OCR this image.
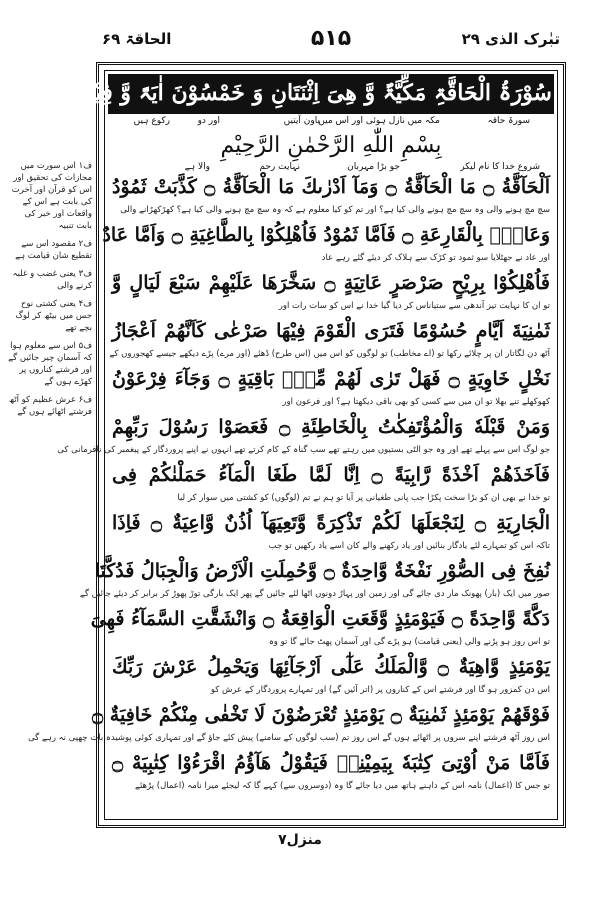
الحاقۃ ۶۹	۵۱۵	تبٰرک الذی ۲۹
سُوْرَۃُ الْحَاقَّۃِ مَکِّیَّۃٌ وَّ ھِیَ اِثْنَتَانِ وَ خَمْسُوْنَ اٰیَۃً وَّ فِیْھَا رُکُوْعَانِ
سورۃ حاقہ
مکہ میں نازل ہوئی اور اس میں
باون آیتیں
اور دو
رکوع ہیں
بِسْمِ اللّٰهِ الرَّحْمٰنِ الرَّحِيْمِ
شروع خدا کا نام لیکر
جو بڑا مہربان
نہایت رحم
والا ہے
اَلْحَآقَّةُ ۝ مَا الْحَآقَّةُ ۝ وَمَآ اَدْرٰىكَ مَا الْحَآقَّةُ ۝ كَذَّبَتْ ثَمُوْدُ
سچ مچ ہونے والی وہ سچ مچ ہونے والی کیا ہے؟ اور تم کو کیا معلوم ہے کہ وہ سچ مچ ہونے والی کیا ہے؟ کھڑکھڑانے والی
وَعَادٌۢ بِالْقَارِعَةِ ۝ فَاَمَّا ثَمُوْدُ فَاُهْلِكُوْا بِالطَّاغِيَةِ ۝ وَاَمَّا عَادٌ
اور عاد نے جھٹلایا سو ثمود تو کڑک سے ہلاک کر دیئے گئے رہے عاد
فَاُهْلِكُوْا بِرِيْحٍ صَرْصَرٍ عَاتِيَةٍ ۝ سَخَّرَهَا عَلَيْهِمْ سَبْعَ لَيَالٍ وَّ
تو ان کا نہایت تیز آندھی سے ستیاناس کر دیا گیا خدا نے اس کو سات رات اور
ثَمٰنِيَةَ اَيَّامٍ حُسُوْمًا فَتَرَى الْقَوْمَ فِيْهَا صَرْعٰى كَاَنَّهُمْ اَعْجَازُ
آٹھ دن لگاتار ان پر چلائے رکھا تو (اے مخاطب) تو لوگوں کو اس میں (اس طرح) ڈھئے (اور مرے) پڑے دیکھے جیسے کھجوروں کے
نَخْلٍ خَاوِيَةٍ ۝ فَهَلْ تَرٰى لَهُمْ مِّنْۢ بَاقِيَةٍ ۝ وَجَآءَ فِرْعَوْنُ
کھوکھلے تنے بھلا تو ان میں سے کسی کو بھی باقی دیکھتا ہے؟ اور فرعون اور
وَمَنْ قَبْلَهٗ وَالْمُؤْتَفِكٰتُ بِالْخَاطِئَةِ ۝ فَعَصَوْا رَسُوْلَ رَبِّهِمْ
جو لوگ اس سے پہلے تھے اور وہ جو الٹی بستیوں میں رہتے تھے سب گناہ کے کام کرتے تھے انہوں نے اپنے پروردگار کے پیغمبر کی نافرمانی کی
فَاَخَذَهُمْ اَخْذَةً رَّابِيَةً ۝ اِنَّا لَمَّا طَغَا الْمَآءُ حَمَلْنٰكُمْ فِى
تو خدا نے بھی ان کو بڑا سخت پکڑا جب پانی طغیانی پر آیا تو ہم نے تم (لوگوں) کو کشتی میں سوار کر لیا
الْجَارِيَةِ ۝ لِنَجْعَلَهَا لَكُمْ تَذْكِرَةً وَّتَعِيَهَآ اُذُنٌ وَّاعِيَةٌ ۝ فَاِذَا
تاکہ اس کو تمہارے لئے یادگار بنائیں اور یاد رکھنے والے کان اسے یاد رکھیں تو جب
نُفِخَ فِى الصُّوْرِ نَفْخَةٌ وَّاحِدَةٌ ۝ وَّحُمِلَتِ الْاَرْضُ وَالْجِبَالُ فَدُكَّتَا
صور میں ایک (بار) پھونک مار دی جائے گی اور زمین اور پہاڑ دونوں اٹھا لئے جائیں گے پھر ایک بارگی توڑ پھوڑ کر برابر کر دیئے جائیں گے
دَكَّةً وَّاحِدَةً ۝ فَيَوْمَئِذٍ وَّقَعَتِ الْوَاقِعَةُ ۝ وَانْشَقَّتِ السَّمَآءُ فَهِىَ
تو اس روز ہو پڑنے والی (یعنی قیامت) ہو پڑے گی اور آسمان پھٹ جائے گا تو وہ
يَوْمَئِذٍ وَّاهِيَةٌ ۝ وَّالْمَلَكُ عَلٰٓى اَرْجَآئِهَا وَيَحْمِلُ عَرْشَ رَبِّكَ
اس دن کمزور ہو گا اور فرشتے اس کے کناروں پر (اتر آئیں گے) اور تمہارے پروردگار کے عرش کو
فَوْقَهُمْ يَوْمَئِذٍ ثَمٰنِيَةٌ ۝ يَوْمَئِذٍ تُعْرَضُوْنَ لَا تَخْفٰى مِنْكُمْ خَافِيَةٌ ۝
اس روز آٹھ فرشتے اپنے سروں پر اٹھائے ہوں گے اس روز تم (سب لوگوں کے سامنے) پیش کئے جاؤ گے اور تمہاری کوئی پوشیدہ بات چھپی نہ رہے گی
فَاَمَّا مَنْ اُوْتِىَ كِتٰبَهٗ بِيَمِيْنِهٖ فَيَقُوْلُ هَآؤُمُ اقْرَءُوْا كِتٰبِيَهْ ۝
تو جس کا (اعمال) نامہ اس کے داہنے ہاتھ میں دیا جائے گا وہ (دوسروں سے) کہے گا کہ لیجئے میرا نامہ (اعمال) پڑھئے
ف۱ اس سورت میں مجازات کی تحقیق اور اس کو قرآن اور آخرت کی بابت ہے اس کے واقعات اور خبر کی بابت تنبیہ
ف۲ مقصود اس سے تقطیع شان قیامت ہے
ف۳ یعنی غضب و غلبہ کرنے والی
ف۴ یعنی کشتی نوح جس میں بیٹھ کر لوگ بچے تھے
ف۵ اس سے معلوم ہوا کہ آسمان چیر جائیں گے اور فرشتے کناروں پر کھڑے ہوں گے
ف۶ عرش عظیم کو آٹھ فرشتے اٹھائے ہوں گے
منزل۷
